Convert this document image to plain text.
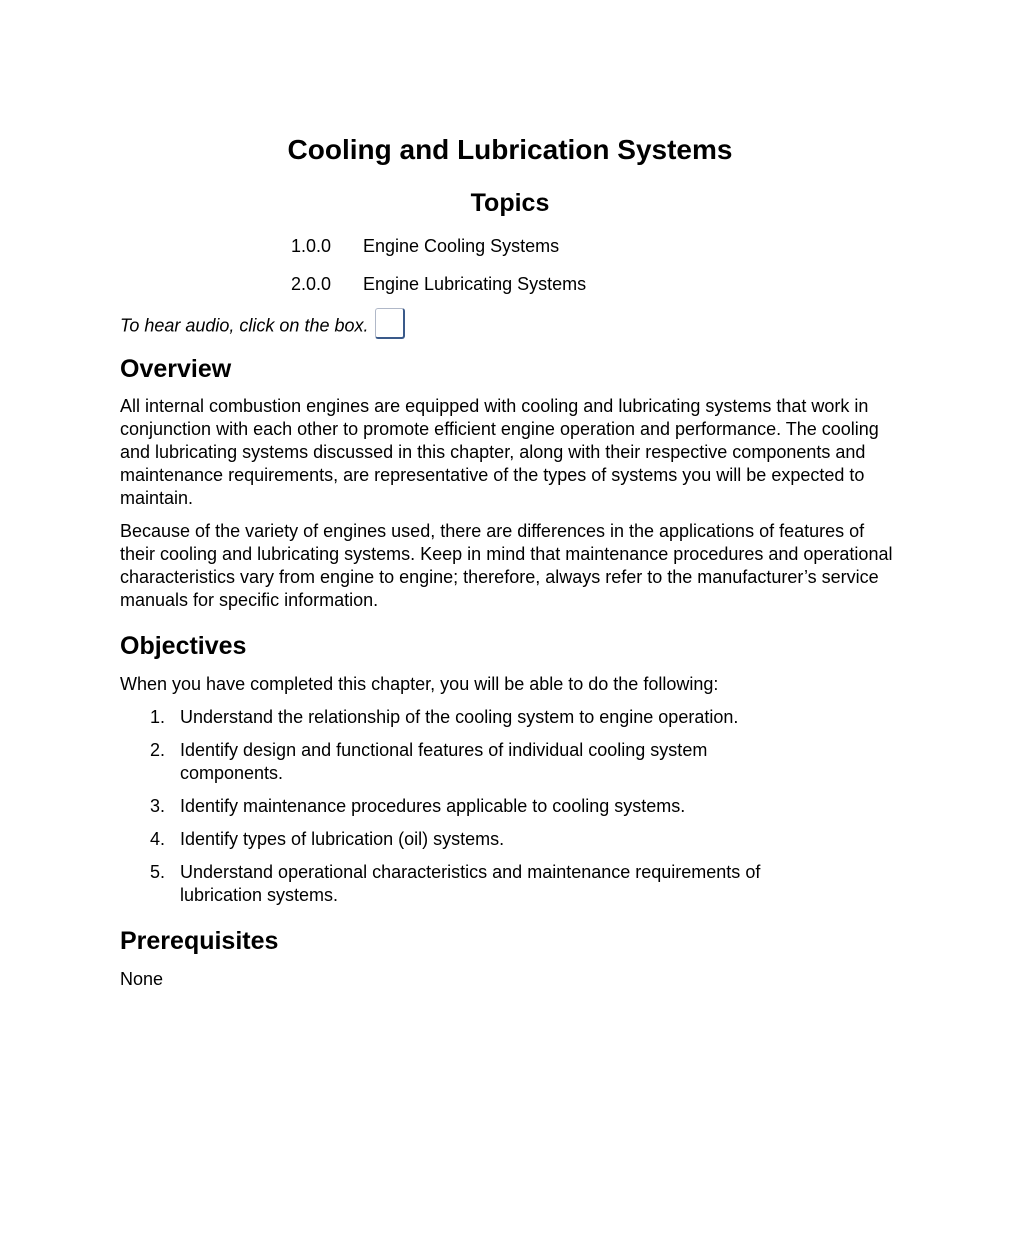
Cooling and Lubrication Systems
Topics
1.0.0 Engine Cooling Systems
2.0.0 Engine Lubricating Systems
To hear audio, click on the box.
Overview

All internal combustion engines are equipped with cooling and lubricating systems that work in conjunction with each other to promote efficient engine operation and performance. The cooling and lubricating systems discussed in this chapter, along with their respective components and maintenance requirements, are representative of the types of systems you will be expected to maintain.

Because of the variety of engines used, there are differences in the applications of features of their cooling and lubricating systems. Keep in mind that maintenance procedures and operational characteristics vary from engine to engine; therefore, always refer to the manufacturer’s service manuals for specific information.

Objectives

When you have completed this chapter, you will be able to do the following:

1. Understand the relationship of the cooling system to engine operation.
2. Identify design and functional features of individual cooling system components.
3. Identify maintenance procedures applicable to cooling systems.
4. Identify types of lubrication (oil) systems.
5. Understand operational characteristics and maintenance requirements of lubrication systems.
Prerequisites

None
